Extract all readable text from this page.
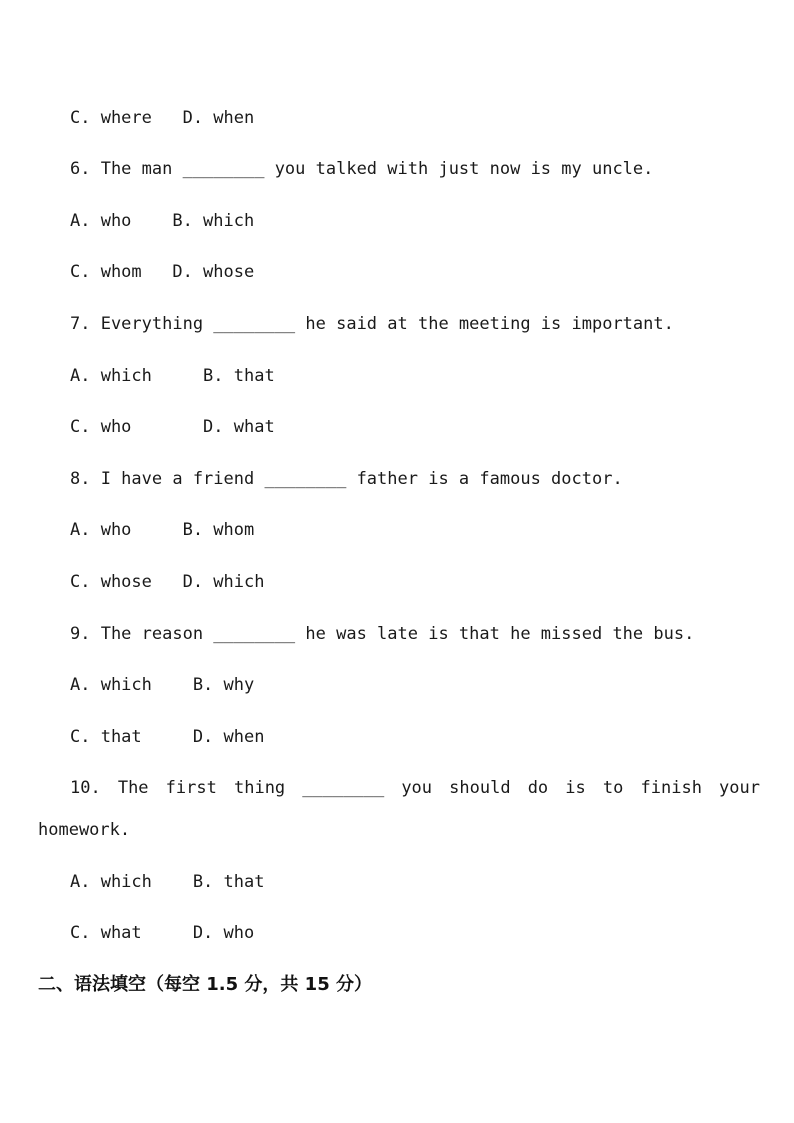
C. where   D. when

6. The man ________ you talked with just now is my uncle.

A. who    B. which

C. whom   D. whose

7. Everything ________ he said at the meeting is important.

A. which     B. that

C. who       D. what

8. I have a friend ________ father is a famous doctor.

A. who     B. whom

C. whose   D. which

9. The reason ________ he was late is that he missed the bus.

A. which    B. why

C. that     D. when

10. The first thing ________ you should do is to finish your

homework.

A. which    B. that

C. what     D. who

二、语法填空（每空 1.5 分，共 15 分）
